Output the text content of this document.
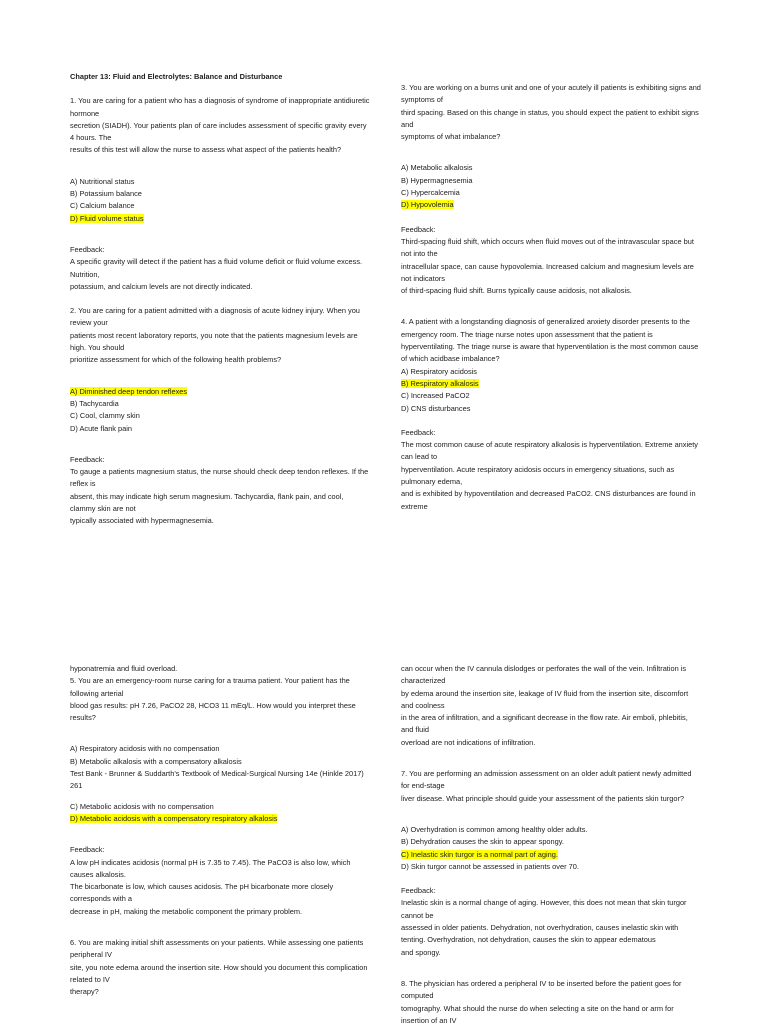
Chapter 13: Fluid and Electrolytes: Balance and Disturbance
1. You are caring for a patient who has a diagnosis of syndrome of inappropriate antidiuretic hormone
secretion (SIADH). Your patients plan of care includes assessment of specific gravity every 4 hours. The
results of this test will allow the nurse to assess what aspect of the patients health?
A) Nutritional status
B) Potassium balance
C) Calcium balance
D) Fluid volume status
Feedback:
A specific gravity will detect if the patient has a fluid volume deficit or fluid volume excess. Nutrition,
potassium, and calcium levels are not directly indicated.
2. You are caring for a patient admitted with a diagnosis of acute kidney injury. When you review your
patients most recent laboratory reports, you note that the patients magnesium levels are high. You should
prioritize assessment for which of the following health problems?
A) Diminished deep tendon reflexes
B) Tachycardia
C) Cool, clammy skin
D) Acute flank pain
Feedback:
To gauge a patients magnesium status, the nurse should check deep tendon reflexes. If the reflex is
absent, this may indicate high serum magnesium. Tachycardia, flank pain, and cool, clammy skin are not
typically associated with hypermagnesemia.
3. You are working on a burns unit and one of your acutely ill patients is exhibiting signs and symptoms of
third spacing. Based on this change in status, you should expect the patient to exhibit signs and
symptoms of what imbalance?
A) Metabolic alkalosis
B) Hypermagnesemia
C) Hypercalcemia
D) Hypovolemia
Feedback:
Third-spacing fluid shift, which occurs when fluid moves out of the intravascular space but not into the
intracellular space, can cause hypovolemia. Increased calcium and magnesium levels are not indicators
of third-spacing fluid shift. Burns typically cause acidosis, not alkalosis.
4. A patient with a longstanding diagnosis of generalized anxiety disorder presents to the emergency room. The triage nurse notes upon assessment that the patient is
hyperventilating. The triage nurse is aware that hyperventilation is the most common cause of which acidbase imbalance?
A) Respiratory acidosis
B) Respiratory alkalosis
C) Increased PaCO2
D) CNS disturbances
Feedback:
The most common cause of acute respiratory alkalosis is hyperventilation. Extreme anxiety can lead to
hyperventilation. Acute respiratory acidosis occurs in emergency situations, such as pulmonary edema,
and is exhibited by hypoventilation and decreased PaCO2. CNS disturbances are found in extreme
hyponatremia and fluid overload.
5. You are an emergency-room nurse caring for a trauma patient. Your patient has the following arterial
blood gas results: pH 7.26, PaCO2 28, HCO3 11 mEq/L. How would you interpret these results?
A) Respiratory acidosis with no compensation
B) Metabolic alkalosis with a compensatory alkalosis
Test Bank - Brunner & Suddarth's Textbook of Medical-Surgical Nursing 14e (Hinkle 2017) 261
C) Metabolic acidosis with no compensation
D) Metabolic acidosis with a compensatory respiratory alkalosis
Feedback:
A low pH indicates acidosis (normal pH is 7.35 to 7.45). The PaCO3 is also low, which causes alkalosis.
The bicarbonate is low, which causes acidosis. The pH bicarbonate more closely corresponds with a
decrease in pH, making the metabolic component the primary problem.
6. You are making initial shift assessments on your patients. While assessing one patients peripheral IV
site, you note edema around the insertion site. How should you document this complication related to IV
therapy?
can occur when the IV cannula dislodges or perforates the wall of the vein. Infiltration is characterized
by edema around the insertion site, leakage of IV fluid from the insertion site, discomfort and coolness
in the area of infiltration, and a significant decrease in the flow rate. Air emboli, phlebitis, and fluid
overload are not indications of infiltration.
7. You are performing an admission assessment on an older adult patient newly admitted for end-stage
liver disease. What principle should guide your assessment of the patients skin turgor?
A) Overhydration is common among healthy older adults.
B) Dehydration causes the skin to appear spongy.
C) Inelastic skin turgor is a normal part of aging.
D) Skin turgor cannot be assessed in patients over 70.
Feedback:
Inelastic skin is a normal change of aging. However, this does not mean that skin turgor cannot be
assessed in older patients. Dehydration, not overhydration, causes inelastic skin with tenting. Overhydration, not dehydration, causes the skin to appear edematous
and spongy.
8. The physician has ordered a peripheral IV to be inserted before the patient goes for computed
tomography. What should the nurse do when selecting a site on the hand or arm for insertion of an IV
